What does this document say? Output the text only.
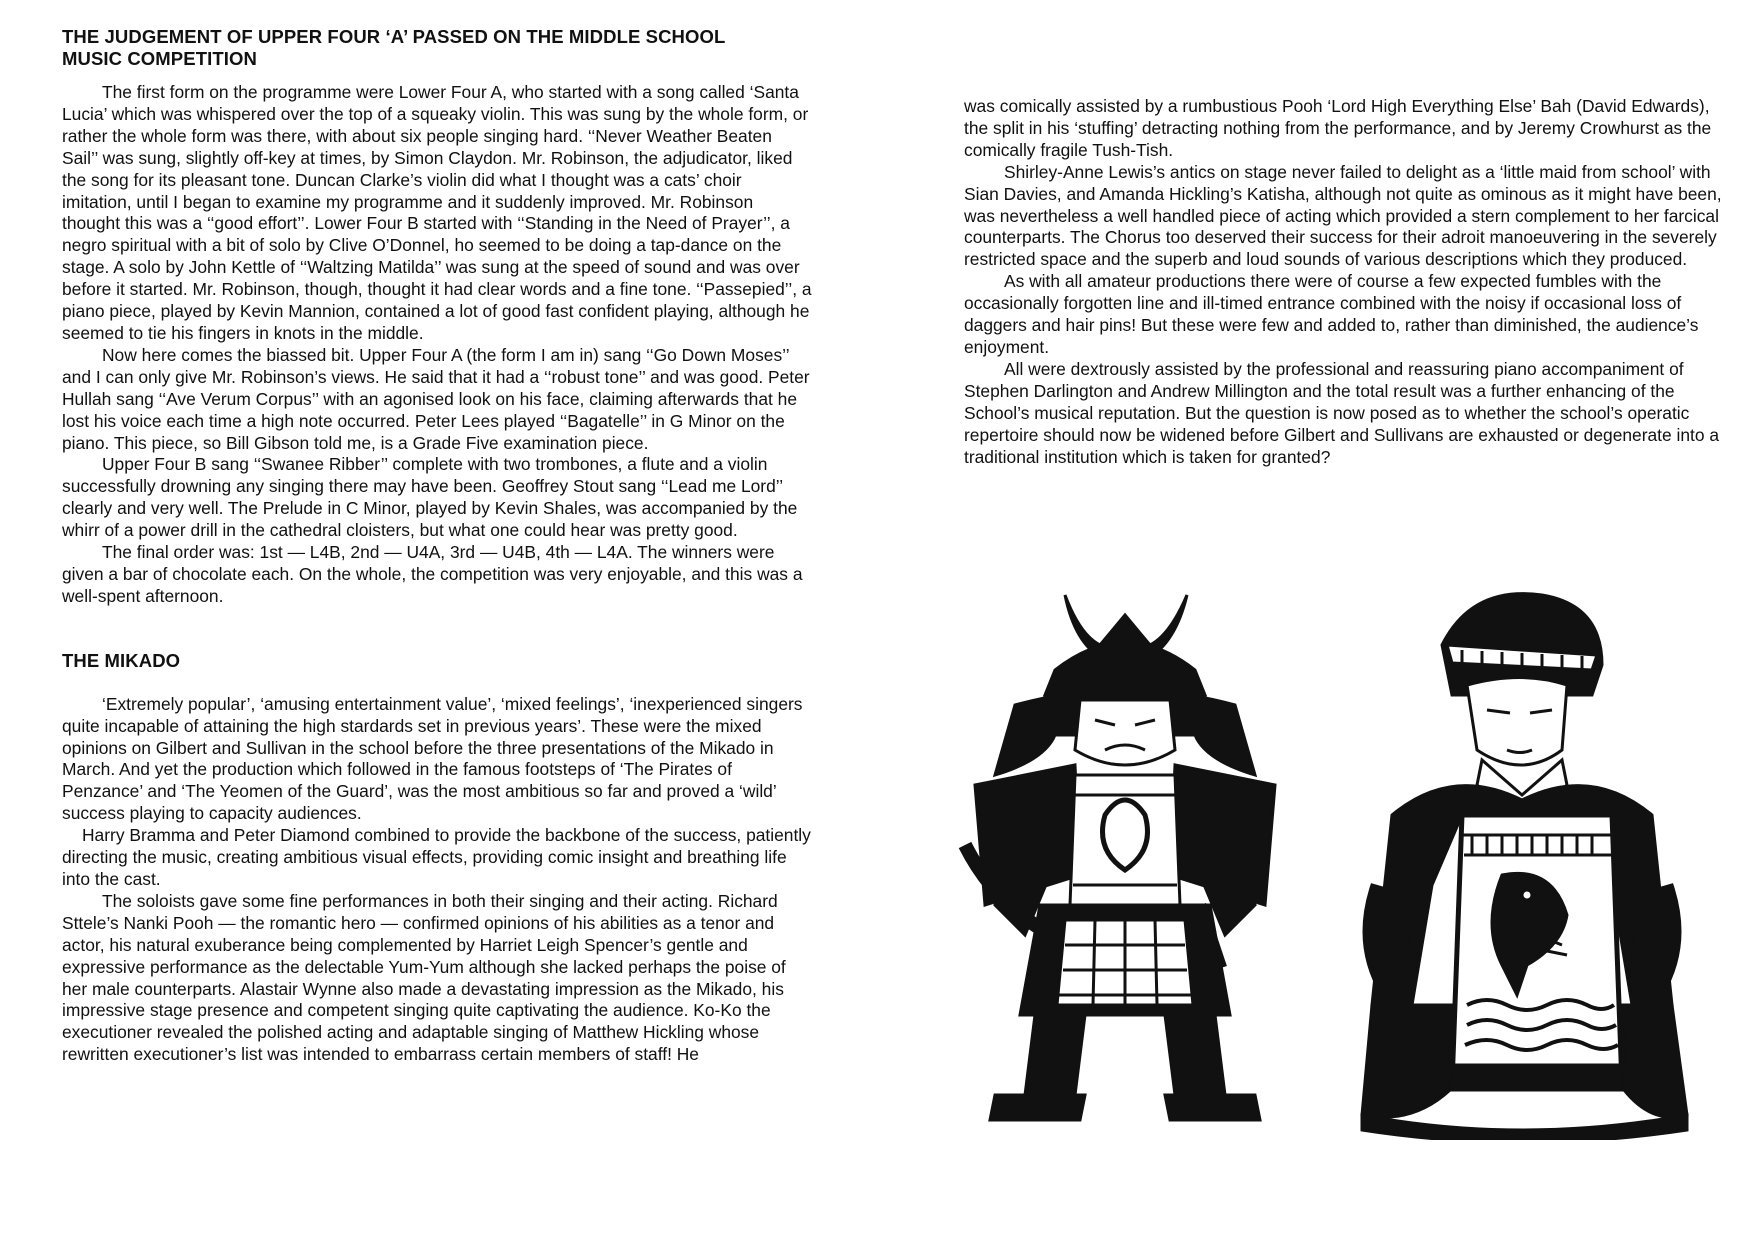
THE JUDGEMENT OF UPPER FOUR ‘A’ PASSED ON THE MIDDLE SCHOOL
MUSIC COMPETITION

The first form on the programme were Lower Four A, who started with a song called ‘Santa Lucia’ which was whispered over the top of a squeaky violin. This was sung by the whole form, or rather the whole form was there, with about six people singing hard. ‘‘Never Weather Beaten Sail’’ was sung, slightly off-key at times, by Simon Claydon. Mr. Robinson, the adjudicator, liked the song for its pleasant tone. Duncan Clarke’s violin did what I thought was a cats’ choir imitation, until I began to examine my programme and it suddenly improved. Mr. Robinson thought this was a ‘‘good effort’’. Lower Four B started with ‘‘Standing in the Need of Prayer’’, a negro spiritual with a bit of solo by Clive O’Donnel, ho seemed to be doing a tap-dance on the stage. A solo by John Kettle of ‘‘Waltzing Matilda’’ was sung at the speed of sound and was over before it started. Mr. Robinson, though, thought it had clear words and a fine tone. ‘‘Passepied’’, a piano piece, played by Kevin Mannion, contained a lot of good fast confident playing, although he seemed to tie his fingers in knots in the middle.

Now here comes the biassed bit. Upper Four A (the form I am in) sang ‘‘Go Down Moses’’ and I can only give Mr. Robinson’s views. He said that it had a ‘‘robust tone’’ and was good. Peter Hullah sang ‘‘Ave Verum Corpus’’ with an agonised look on his face, claiming afterwards that he lost his voice each time a high note occurred. Peter Lees played ‘‘Bagatelle’’ in G Minor on the piano. This piece, so Bill Gibson told me, is a Grade Five examination piece.

Upper Four B sang ‘‘Swanee Ribber’’ complete with two trombones, a flute and a violin successfully drowning any singing there may have been. Geoffrey Stout sang ‘‘Lead me Lord’’ clearly and very well. The Prelude in C Minor, played by Kevin Shales, was accompanied by the whirr of a power drill in the cathedral cloisters, but what one could hear was pretty good.

The final order was: 1st — L4B, 2nd — U4A, 3rd — U4B, 4th — L4A. The winners were given a bar of chocolate each. On the whole, the competition was very enjoyable, and this was a well-spent afternoon.

THE MIKADO

‘Extremely popular’, ‘amusing entertainment value’, ‘mixed feelings’, ‘inexperienced singers quite incapable of attaining the high stardards set in previous years’. These were the mixed opinions on Gilbert and Sullivan in the school before the three presentations of the Mikado in March. And yet the production which followed in the famous footsteps of ‘The Pirates of Penzance’ and ‘The Yeomen of the Guard’, was the most ambitious so far and proved a ‘wild’ success playing to capacity audiences.

Harry Bramma and Peter Diamond combined to provide the backbone of the success, patiently directing the music, creating ambitious visual effects, providing comic insight and breathing life into the cast.

The soloists gave some fine performances in both their singing and their acting. Richard Sttele’s Nanki Pooh — the romantic hero — confirmed opinions of his abilities as a tenor and actor, his natural exuberance being complemented by Harriet Leigh Spencer’s gentle and expressive performance as the delectable Yum-Yum although she lacked perhaps the poise of her male counterparts. Alastair Wynne also made a devastating impression as the Mikado, his impressive stage presence and competent singing quite captivating the audience. Ko-Ko the executioner revealed the polished acting and adaptable singing of Matthew Hickling whose rewritten executioner’s list was intended to embarrass certain members of staff! He

was comically assisted by a rumbustious Pooh ‘Lord High Everything Else’ Bah (David Edwards), the split in his ‘stuffing’ detracting nothing from the performance, and by Jeremy Crowhurst as the comically fragile Tush-Tish.

Shirley-Anne Lewis’s antics on stage never failed to delight as a ‘little maid from school’ with Sian Davies, and Amanda Hickling’s Katisha, although not quite as ominous as it might have been, was nevertheless a well handled piece of acting which provided a stern complement to her farcical counterparts. The Chorus too deserved their success for their adroit manoeuvering in the severely restricted space and the superb and loud sounds of various descriptions which they produced.

As with all amateur productions there were of course a few expected fumbles with the occasionally forgotten line and ill-timed entrance combined with the noisy if occasional loss of daggers and hair pins! But these were few and added to, rather than diminished, the audience’s enjoyment.

All were dextrously assisted by the professional and reassuring piano accompaniment of Stephen Darlington and Andrew Millington and the total result was a further enhancing of the School’s musical reputation. But the question is now posed as to whether the school’s operatic repertoire should now be widened before Gilbert and Sullivans are exhausted or degenerate into a traditional institution which is taken for granted?
